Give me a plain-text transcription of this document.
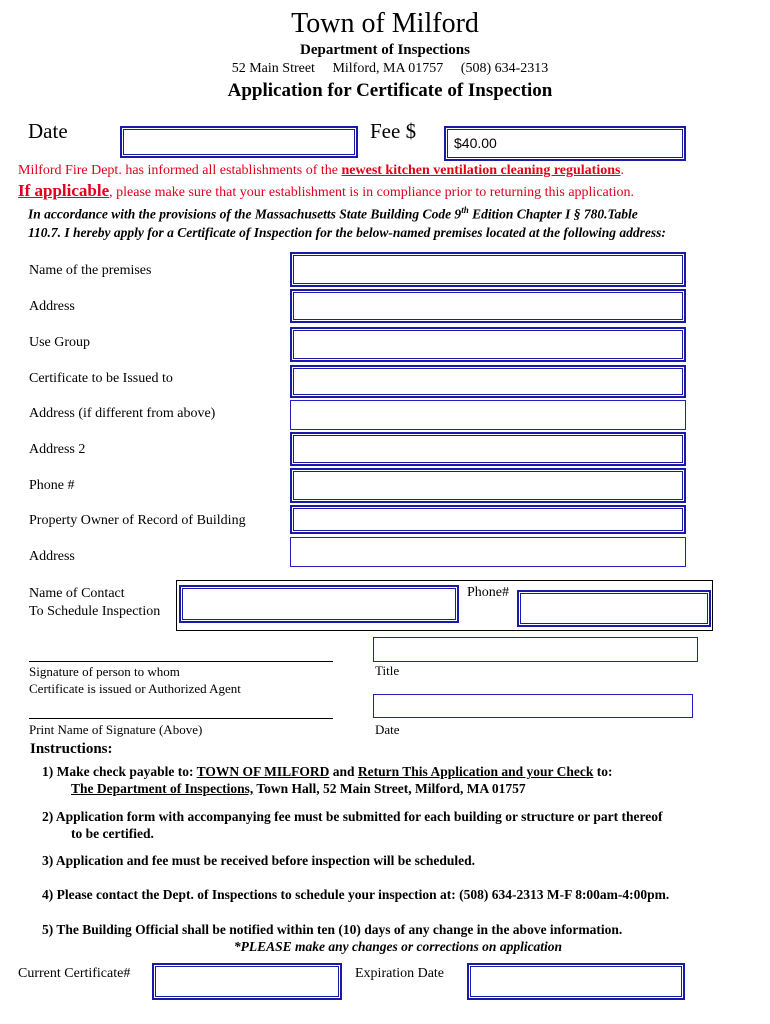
Town of Milford
Department of Inspections
52 Main Street     Milford, MA 01757     (508) 634-2313
Application for Certificate of Inspection
Date	Fee $	$40.00
Milford Fire Dept. has informed all establishments of the newest kitchen ventilation cleaning regulations.
If applicable, please make sure that your establishment is in compliance prior to returning this application.
In accordance with the provisions of the Massachusetts State Building Code 9th Edition Chapter I § 780.Table
110.7. I hereby apply for a Certificate of Inspection for the below-named premises located at the following address:
Name of the premises
Address
Use Group
Certificate to be Issued to
Address (if different from above)
Address 2
Phone #
Property Owner of Record of Building
Address
Name of Contact
To Schedule Inspection
Phone#
Signature of person to whom
Certificate is issued or Authorized Agent
Title
Print Name of Signature (Above)	Date
Instructions:
1) Make check payable to: TOWN OF MILFORD and Return This Application and your Check to:
The Department of Inspections, Town Hall, 52 Main Street, Milford, MA 01757
2) Application form with accompanying fee must be submitted for each building or structure or part thereof
to be certified.
3) Application and fee must be received before inspection will be scheduled.
4) Please contact the Dept. of Inspections to schedule your inspection at: (508) 634-2313 M-F 8:00am-4:00pm.
5) The Building Official shall be notified within ten (10) days of any change in the above information.
*PLEASE make any changes or corrections on application
Current Certificate#	Expiration Date
